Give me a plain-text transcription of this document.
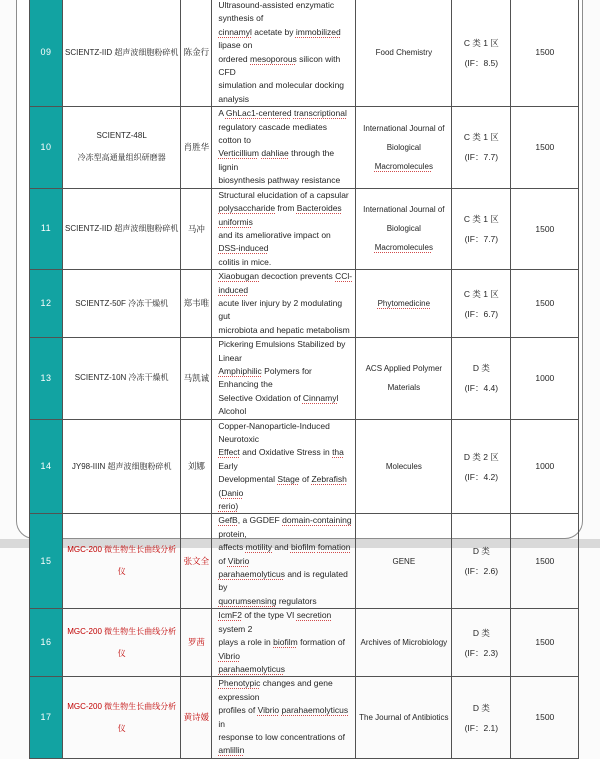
09	SCIENTZ-IID 超声波细胞粉碎机	陈金行	Ultrasound-assisted enzymatic synthesis of
cinnamyl acetate by immobilized lipase on
ordered mesoporous silicon with CFD
simulation and molecular docking analysis	Food Chemistry	C 类 1 区
(IF：8.5)	1500
10	SCIENTZ-48L
冷冻型高通量组织研磨器	肖胜华	A GhLac1-centered transcriptional
regulatory cascade mediates cotton to
Verticillium dahliae through the lignin
biosynthesis pathway resistance	International Journal of
Biological Macromolecules	C 类 1 区
(IF：7.7)	1500
11	SCIENTZ-IID 超声波细胞粉碎机	马冲	Structural elucidation of a capsular
polysaccharide from Bacteroides uniformis
and its ameliorative impact on DSS-induced
colitis in mice.	International Journal of
Biological Macromolecules	C 类 1 区
(IF：7.7)	1500
12	SCIENTZ-50F 冷冻干燥机	郑韦唯	Xiaobugan decoction prevents CCl-induced
acute liver injury by 2 modulating gut
microbiota and hepatic metabolism	Phytomedicine	C 类 1 区
(IF：6.7)	1500
13	SCIENTZ-10N 冷冻干燥机	马凯诚	Pickering Emulsions Stabilized by Linear
Amphiphilic Polymers for Enhancing the
Selective Oxidation of Cinnamyl Alcohol	ACS Applied Polymer
Materials	D 类
(IF：4.4)	1000
14	JY98-IIIN 超声波细胞粉碎机	刘娜	Copper-Nanoparticle-Induced Neurotoxic
Effect and Oxidative Stress in tha Early
Developmental Stage of Zebrafish (Danio
rerio)	Molecules	D 类 2 区
(IF：4.2)	1000
15	MGC-200 微生物生长曲线分析
仪	张文全	GefB, a GGDEF domain-containing protein,
affects motility and biofilm fomation of Vibrio
parahaemolyticus and is regulated by
quorumsensing regulators	GENE	D 类
(IF：2.6)	1500
16	MGC-200 微生物生长曲线分析
仪	罗茜	IcmF2 of the type VI secretion system 2
plays a role in biofilm formation of Vibrio
parahaemolyticus	Archives of Microbiology	D 类
(IF：2.3)	1500
17	MGC-200 微生物生长曲线分析
仪	黄诗媛	Phenotypic changes and gene expression
profiles of Vibrio parahaemolyticus in
response to low concentrations of amlillin	The Journal of Antibiotics	D 类
(IF：2.1)	1500
